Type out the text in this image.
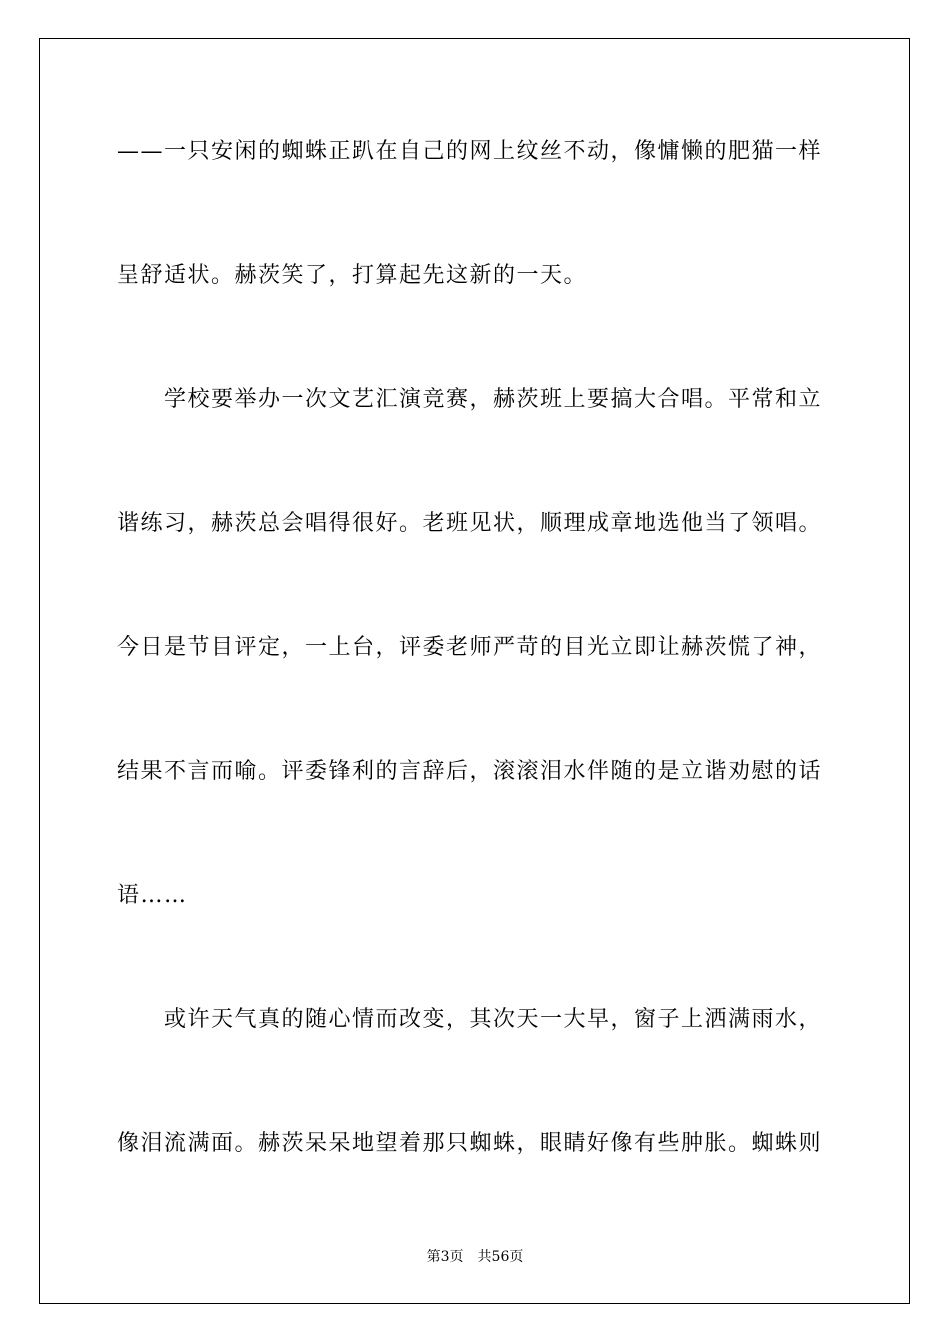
——一只安闲的蜘蛛正趴在自己的网上纹丝不动，像慵懒的肥猫一样
呈舒适状。赫茨笑了，打算起先这新的一天。
　　学校要举办一次文艺汇演竞赛，赫茨班上要搞大合唱。平常和立
谐练习，赫茨总会唱得很好。老班见状，顺理成章地选他当了领唱。
今日是节目评定，一上台，评委老师严苛的目光立即让赫茨慌了神，
结果不言而喻。评委锋利的言辞后，滚滚泪水伴随的是立谐劝慰的话
语……
　　或许天气真的随心情而改变，其次天一大早，窗子上洒满雨水，
像泪流满面。赫茨呆呆地望着那只蜘蛛，眼睛好像有些肿胀。蜘蛛则
第3页　共56页
